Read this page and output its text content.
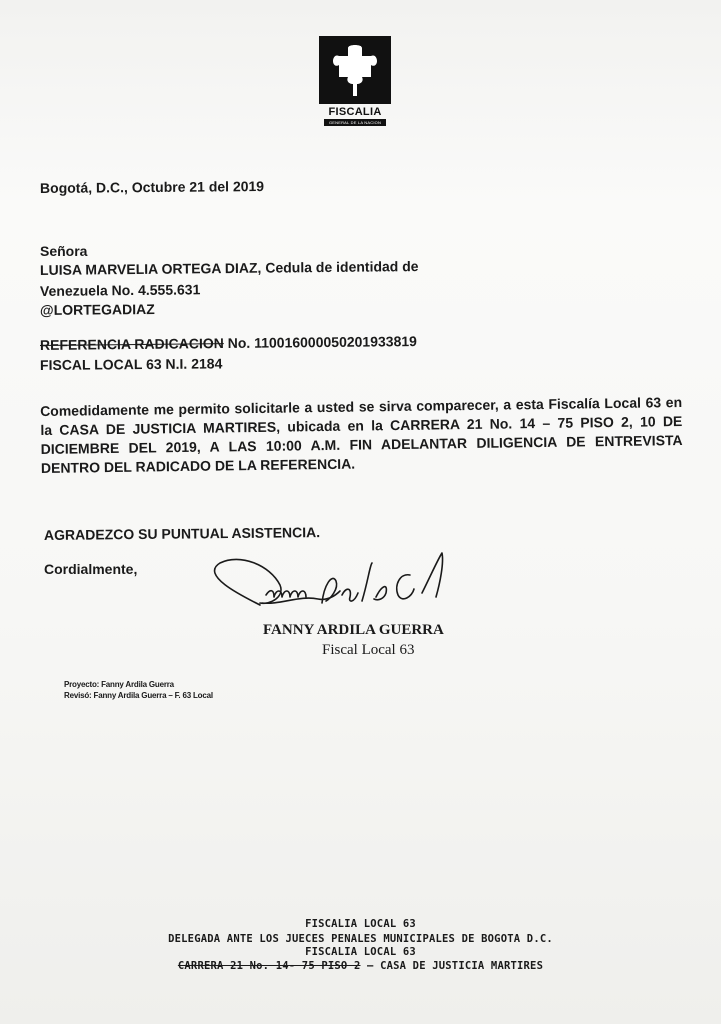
FISCALIA
GENERAL DE LA NACION
Bogotá, D.C., Octubre 21 del 2019
Señora
LUISA MARVELIA ORTEGA DIAZ, Cedula de identidad de
Venezuela No. 4.555.631
@LORTEGADIAZ
REFERENCIA RADICACION No. 110016000050201933819
FISCAL LOCAL 63 N.I. 2184
Comedidamente me permito solicitarle a usted se sirva comparecer, a esta Fiscalía Local 63 en la CASA DE JUSTICIA MARTIRES, ubicada en la CARRERA 21 No. 14 – 75 PISO 2, 10 DE DICIEMBRE DEL 2019, A LAS 10:00 A.M. FIN ADELANTAR DILIGENCIA DE ENTREVISTA DENTRO DEL RADICADO DE LA REFERENCIA.
AGRADEZCO SU PUNTUAL ASISTENCIA.
Cordialmente,
FANNY ARDILA GUERRA
Fiscal Local 63
Proyecto: Fanny Ardila Guerra
Revisó: Fanny Ardila Guerra – F. 63 Local
FISCALIA LOCAL 63
DELEGADA ANTE LOS JUECES PENALES MUNICIPALES DE BOGOTA D.C.
FISCALIA LOCAL 63
CARRERA 21 No. 14- 75 PISO 2 – CASA DE JUSTICIA MARTIRES
